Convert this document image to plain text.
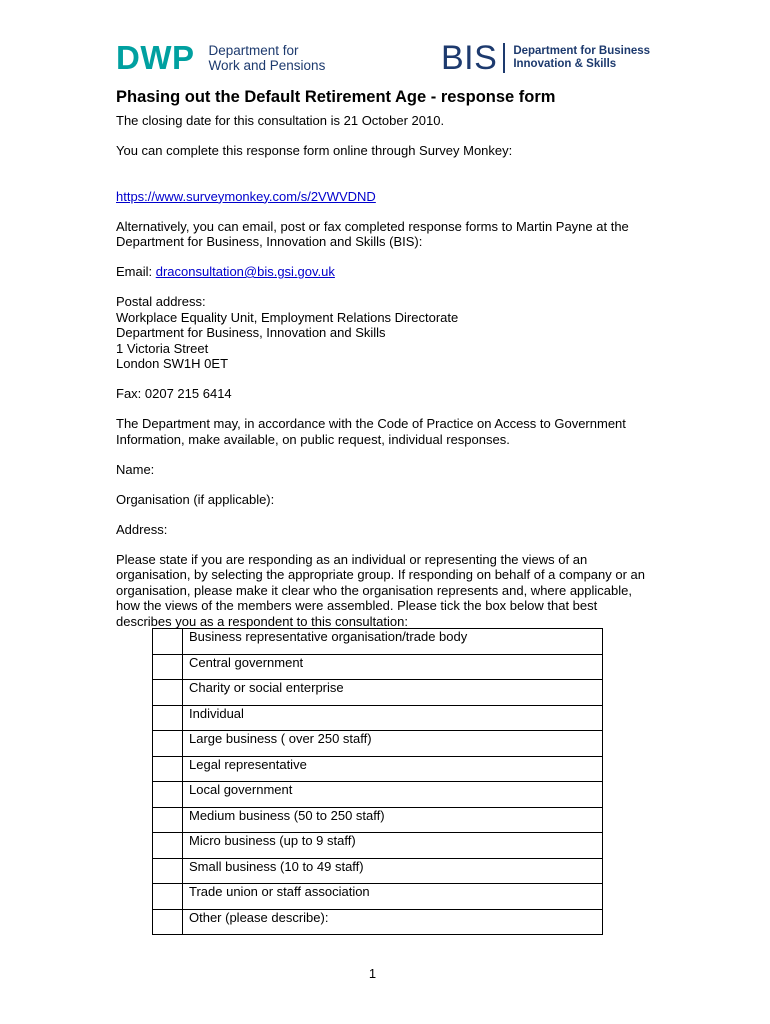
DWP Department for
Work and Pensions	BIS Department for Business
Innovation & Skills
Phasing out the Default Retirement Age - response form
The closing date for this consultation is 21 October 2010.
You can complete this response form online through Survey Monkey:

https://www.surveymonkey.com/s/2VWVDND

Alternatively, you can email, post or fax completed response forms to Martin Payne at the Department for Business, Innovation and Skills (BIS):
Email: draconsultation@bis.gsi.gov.uk
Postal address:
Workplace Equality Unit, Employment Relations Directorate
Department for Business, Innovation and Skills
1 Victoria Street
London SW1H 0ET
Fax: 0207 215 6414
The Department may, in accordance with the Code of Practice on Access to Government Information, make available, on public request, individual responses.
Name:
Organisation (if applicable):
Address:
Please state if you are responding as an individual or representing the views of an organisation, by selecting the appropriate group. If responding on behalf of a company or an organisation, please make it clear who the organisation represents and, where applicable, how the views of the members were assembled. Please tick the box below that best describes you as a respondent to this consultation:
	Business representative organisation/trade body
	Central government
	Charity or social enterprise
	Individual
	Large business ( over 250 staff)
	Legal representative
	Local government
	Medium business (50 to 250 staff)
	Micro business (up to 9 staff)
	Small business (10 to 49 staff)
	Trade union or staff association
	Other (please describe):
1
